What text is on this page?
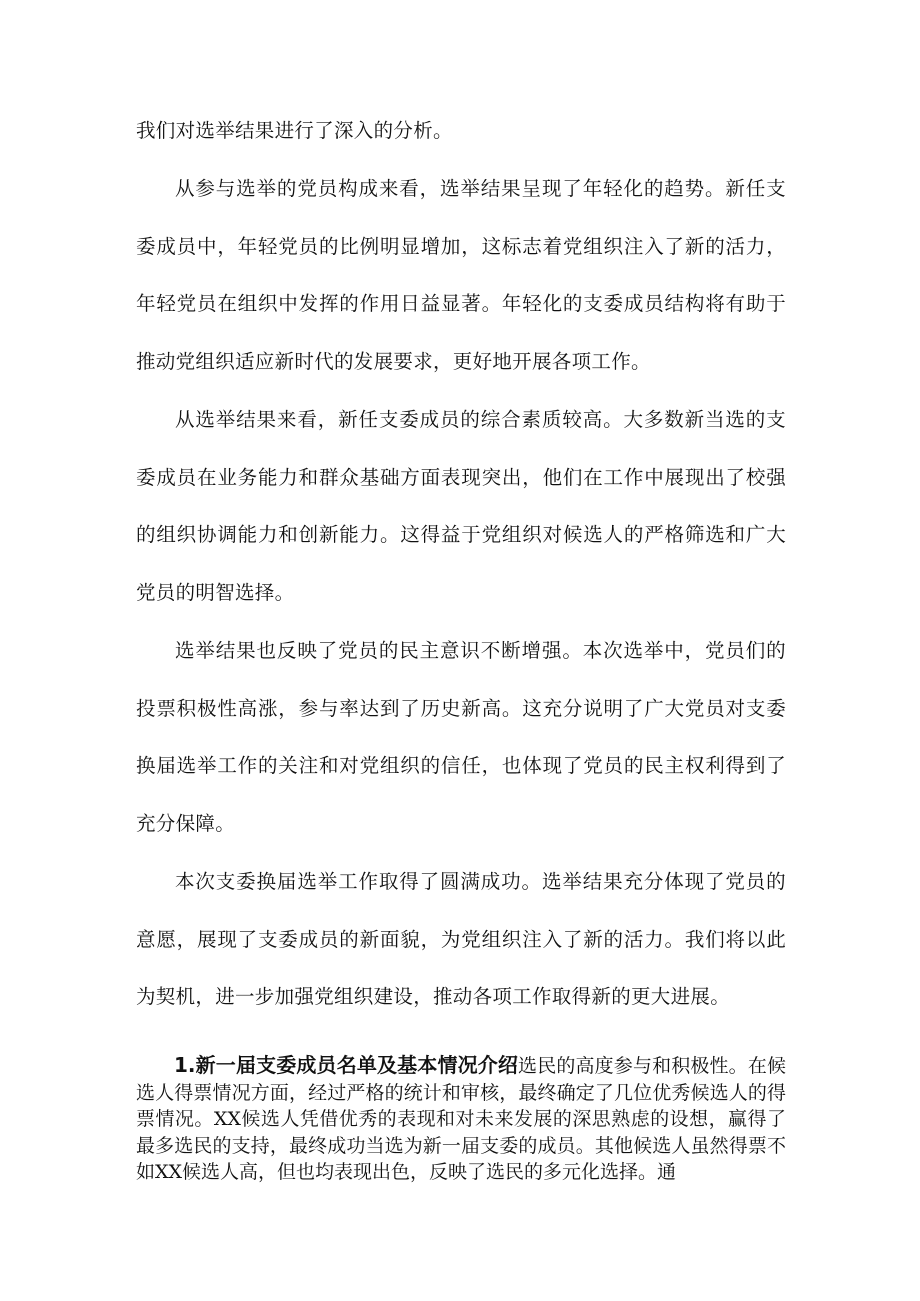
我们对选举结果进行了深入的分析。

从参与选举的党员构成来看，选举结果呈现了年轻化的趋势。新任支委成员中，年轻党员的比例明显增加，这标志着党组织注入了新的活力，年轻党员在组织中发挥的作用日益显著。年轻化的支委成员结构将有助于推动党组织适应新时代的发展要求，更好地开展各项工作。

从选举结果来看，新任支委成员的综合素质较高。大多数新当选的支委成员在业务能力和群众基础方面表现突出，他们在工作中展现出了校强的组织协调能力和创新能力。这得益于党组织对候选人的严格筛选和广大党员的明智选择。

选举结果也反映了党员的民主意识不断增强。本次选举中，党员们的投票积极性高涨，参与率达到了历史新高。这充分说明了广大党员对支委换届选举工作的关注和对党组织的信任，也体现了党员的民主权利得到了充分保障。

本次支委换届选举工作取得了圆满成功。选举结果充分体现了党员的意愿，展现了支委成员的新面貌，为党组织注入了新的活力。我们将以此为契机，进一步加强党组织建设，推动各项工作取得新的更大进展。

1.新一届支委成员名单及基本情况介绍选民的高度参与和积极性。在候选人得票情况方面，经过严格的统计和审核，最终确定了几位优秀候选人的得票情况。XX候选人凭借优秀的表现和对未来发展的深思熟虑的设想，赢得了最多选民的支持，最终成功当选为新一届支委的成员。其他候选人虽然得票不如XX候选人高，但也均表现出色，反映了选民的多元化选择。通
